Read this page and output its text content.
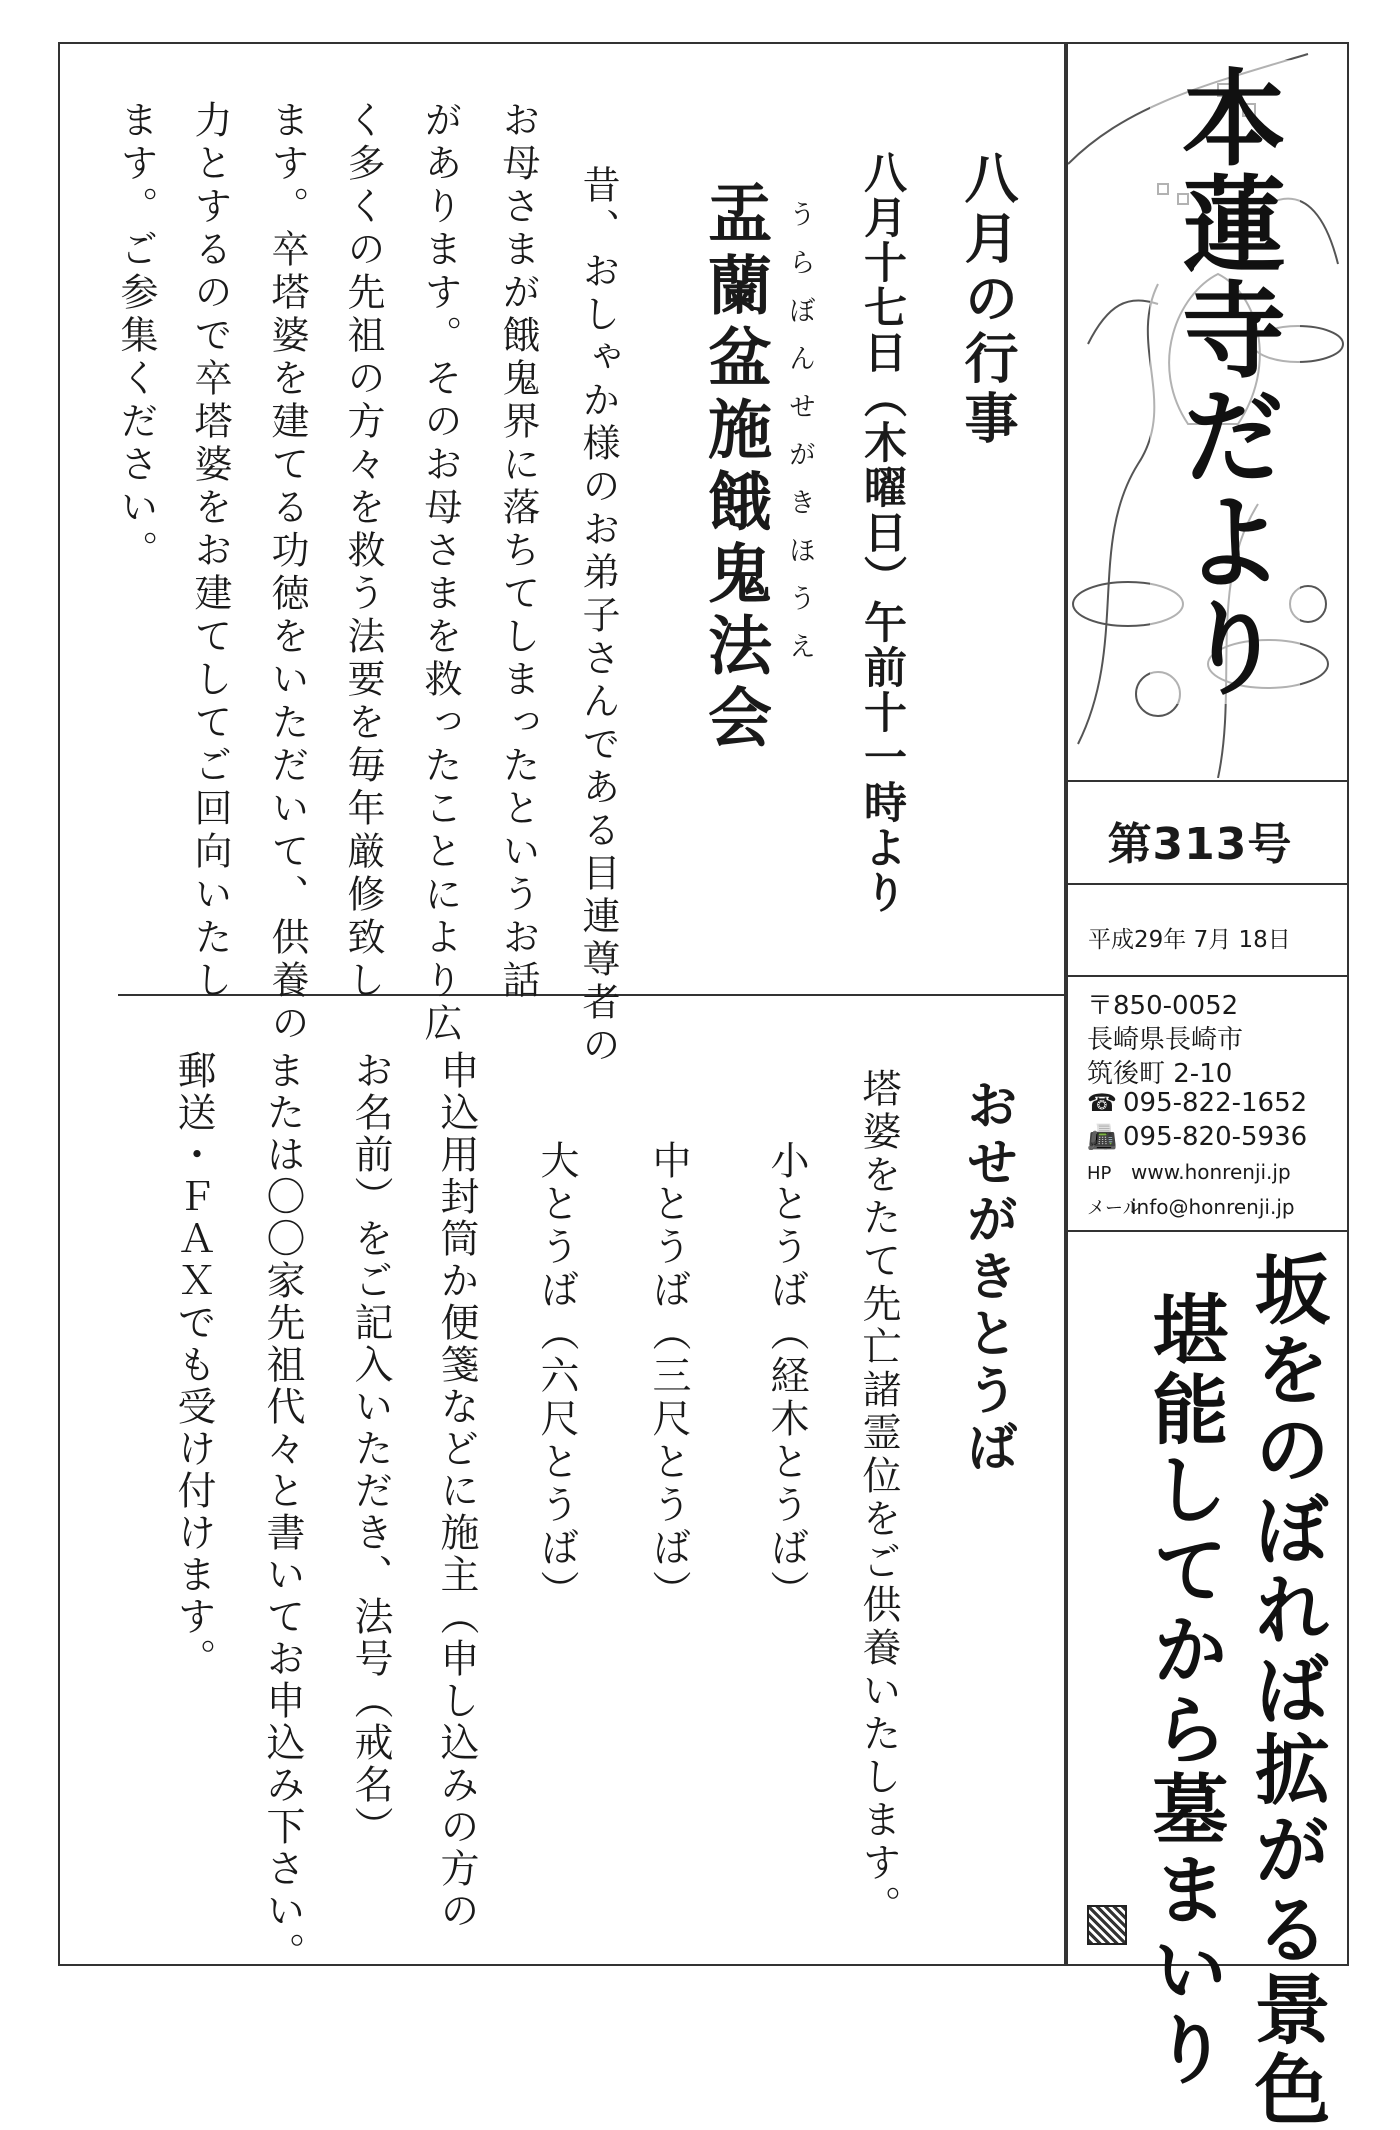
八月の行事
八月十七日（木曜日）午前十一時より
うらぼんせがきほうえ
盂蘭盆施餓鬼法会
昔、おしゃか様のお弟子さんである目連尊者の
お母さまが餓鬼界に落ちてしまったというお話
があります。そのお母さまを救ったことにより広
く多くの先祖の方々を救う法要を毎年厳修致し
ます。卒塔婆を建てる功徳をいただいて、供養の
力とするので卒塔婆をお建てしてご回向いたし
ます。ご参集ください。
おせがきとうば
塔婆をたて先亡諸霊位をご供養いたします。
小とうば（経木とうば）
中とうば（三尺とうば）
大とうば（六尺とうば）
申込用封筒か便箋などに施主（申し込みの方の
お名前）をご記入いただき、法号（戒名）
または〇〇家先祖代々と書いてお申込み下さい。
郵送・ＦＡＸでも受け付けます。
本蓮寺だより
第313号
平成29年 7月 18日
〒850-0052
長崎県長崎市
筑後町 2-10
☎ 095-822-1652
📠 095-820-5936
HP www.honrenji.jp
メールinfo@honrenji.jp
坂をのぼれば拡がる景色
堪能してから墓まいり
